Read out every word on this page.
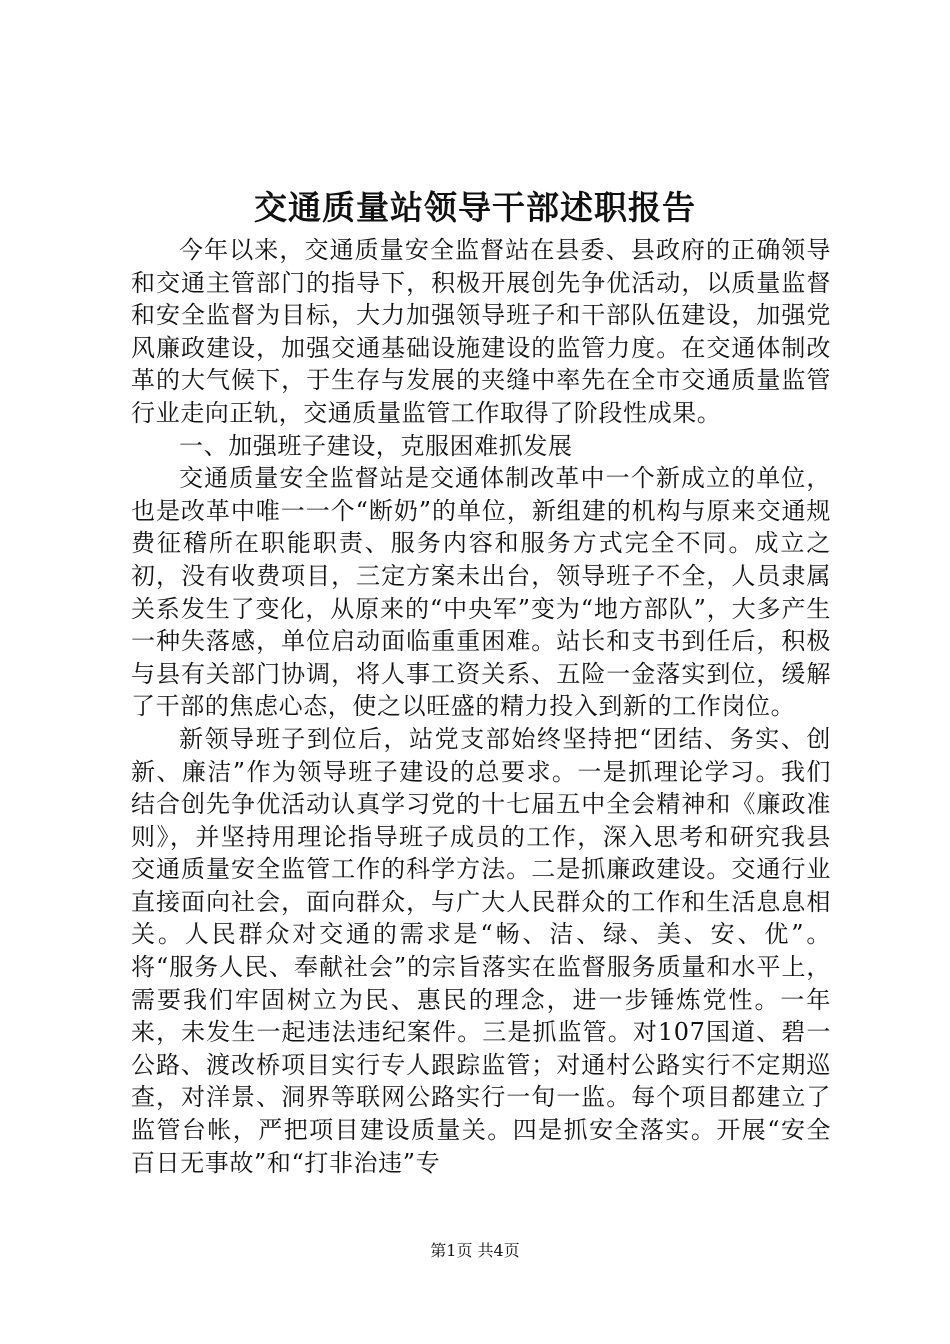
交通质量站领导干部述职报告

今年以来，交通质量安全监督站在县委、县政府的正确领导和交通主管部门的指导下，积极开展创先争优活动，以质量监督和安全监督为目标，大力加强领导班子和干部队伍建设，加强党风廉政建设，加强交通基础设施建设的监管力度。在交通体制改革的大气候下，于生存与发展的夹缝中率先在全市交通质量监管行业走向正轨，交通质量监管工作取得了阶段性成果。

一、加强班子建设，克服困难抓发展

交通质量安全监督站是交通体制改革中一个新成立的单位，也是改革中唯一一个“断奶”的单位，新组建的机构与原来交通规费征稽所在职能职责、服务内容和服务方式完全不同。成立之初，没有收费项目，三定方案未出台，领导班子不全，人员隶属关系发生了变化，从原来的“中央军”变为“地方部队”，大多产生一种失落感，单位启动面临重重困难。站长和支书到任后，积极与县有关部门协调，将人事工资关系、五险一金落实到位，缓解了干部的焦虑心态，使之以旺盛的精力投入到新的工作岗位。

新领导班子到位后，站党支部始终坚持把“团结、务实、创新、廉洁”作为领导班子建设的总要求。一是抓理论学习。我们结合创先争优活动认真学习党的十七届五中全会精神和《廉政准则》，并坚持用理论指导班子成员的工作，深入思考和研究我县交通质量安全监管工作的科学方法。二是抓廉政建设。交通行业直接面向社会，面向群众，与广大人民群众的工作和生活息息相关。人民群众对交通的需求是“畅、洁、绿、美、安、优”。将“服务人民、奉献社会”的宗旨落实在监督服务质量和水平上，需要我们牢固树立为民、惠民的理念，进一步锤炼党性。一年来，未发生一起违法违纪案件。三是抓监管。对107国道、碧一公路、渡改桥项目实行专人跟踪监管；对通村公路实行不定期巡查，对洋景、洞界等联网公路实行一旬一监。每个项目都建立了监管台帐，严把项目建设质量关。四是抓安全落实。开展“安全百日无事故”和“打非治违”专

第1页 共4页
